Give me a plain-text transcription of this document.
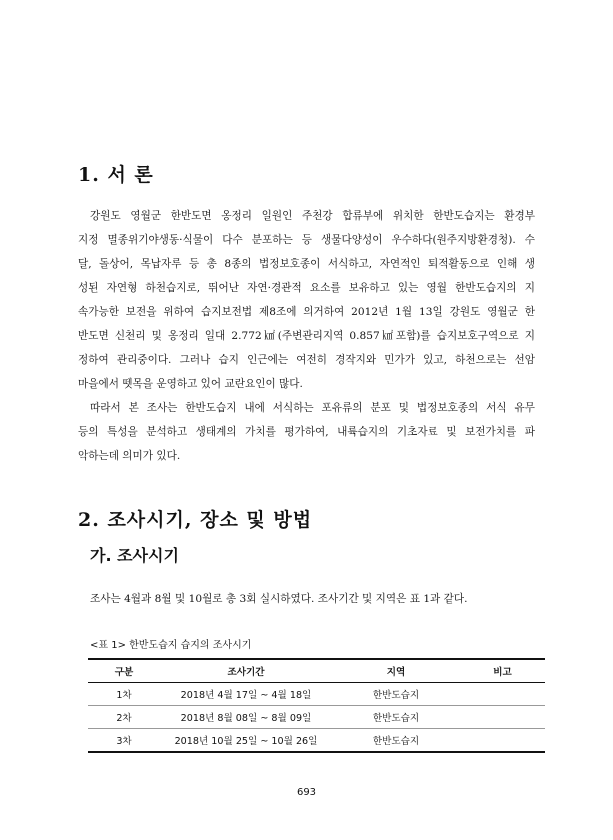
1. 서 론
강원도 영월군 한반도면 옹정리 일원인 주천강 합류부에 위치한 한반도습지는 환경부
지정 멸종위기야생동·식물이 다수 분포하는 등 생물다양성이 우수하다(원주지방환경청). 수
달, 돌상어, 목납자루 등 총 8종의 법정보호종이 서식하고, 자연적인 퇴적활동으로 인해 생
성된 자연형 하천습지로, 뛰어난 자연·경관적 요소를 보유하고 있는 영월 한반도습지의 지
속가능한 보전을 위하여 습지보전법 제8조에 의거하여 2012년 1월 13일 강원도 영월군 한
반도면 신천리 및 옹정리 일대 2.772㎢(주변관리지역 0.857㎢포함)를 습지보호구역으로 지
정하여 관리중이다. 그러나 습지 인근에는 여전히 경작지와 민가가 있고, 하천으로는 선암
마을에서 뗏목을 운영하고 있어 교란요인이 많다.
따라서 본 조사는 한반도습지 내에 서식하는 포유류의 분포 및 법정보호종의 서식 유무
등의 특성을 분석하고 생태계의 가치를 평가하여, 내륙습지의 기초자료 및 보전가치를 파
악하는데 의미가 있다.
2. 조사시기, 장소 및 방법
가. 조사시기

조사는 4월과 8월 및 10월로 총 3회 실시하였다. 조사기간 및 지역은 표 1과 같다.

<표 1> 한반도습지 습지의 조사시기

구분	조사기간	지역	비고
1차	2018년 4월 17일 ~ 4월 18일	한반도습지	
2차	2018년 8월 08일 ~ 8월 09일	한반도습지	
3차	2018년 10월 25일 ~ 10월 26일	한반도습지	

693
